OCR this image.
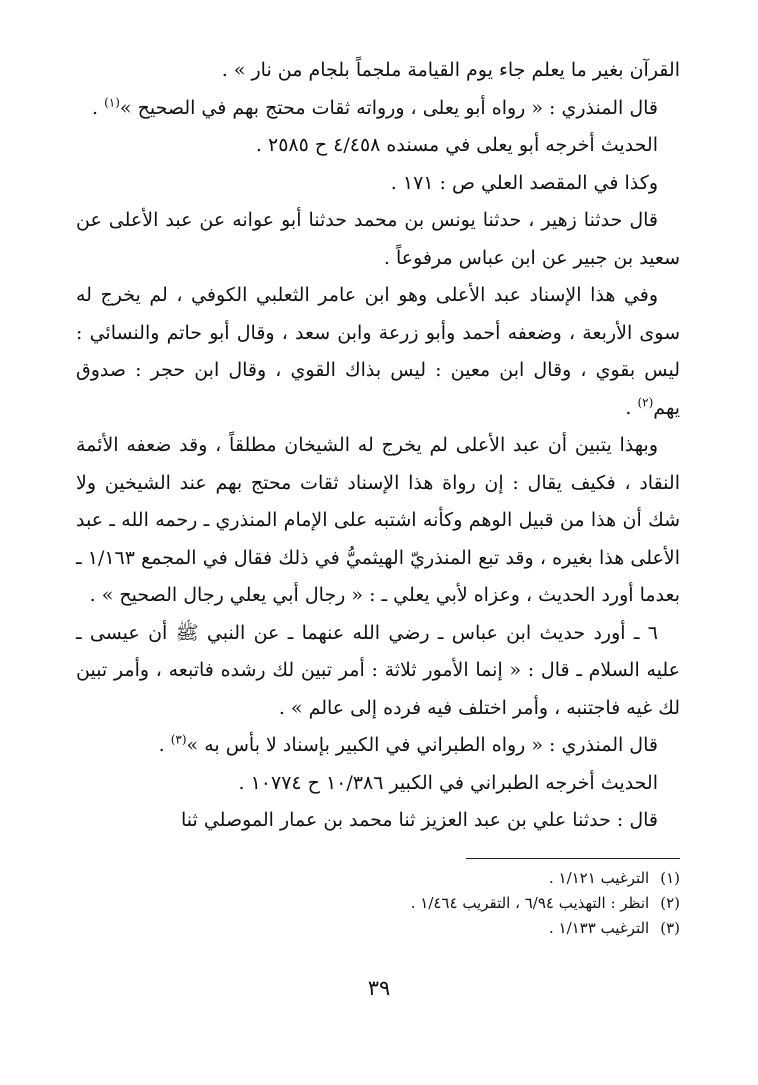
القرآن بغير ما يعلم جاء يوم القيامة ملجماً بلجام من نار » .

قال المنذري : « رواه أبو يعلى ، ورواته ثقات محتج بهم في الصحيح »$^{(١)}$ .

الحديث أخرجه أبو يعلى في مسنده ٤/٤٥٨ ح ٢٥٨٥ .

وكذا في المقصد العلي ص : ١٧١ .

قال حدثنا زهير ، حدثنا يونس بن محمد حدثنا أبو عوانه عن عبد الأعلى عن سعيد بن جبير عن ابن عباس مرفوعاً .

وفي هذا الإسناد عبد الأعلى وهو ابن عامر الثعلبي الكوفي ، لم يخرج له سوى الأربعة ، وضعفه أحمد وأبو زرعة وابن سعد ، وقال أبو حاتم والنسائي : ليس بقوي ، وقال ابن معين : ليس بذاك القوي ، وقال ابن حجر : صدوق يهم$^{(٢)}$ .

وبهذا يتبين أن عبد الأعلى لم يخرج له الشيخان مطلقاً ، وقد ضعفه الأئمة النقاد ، فكيف يقال : إن رواة هذا الإسناد ثقات محتج بهم عند الشيخين ولا شك أن هذا من قبيل الوهم وكأنه اشتبه على الإمام المنذري ـ رحمه الله ـ عبد الأعلى هذا بغيره ، وقد تبع المنذريّ الهيثميُّ في ذلك فقال في المجمع ١/١٦٣ ـ بعدما أورد الحديث ، وعزاه لأبي يعلي ـ : « رجال أبي يعلي رجال الصحيح » .

٦ ـ أورد حديث ابن عباس ـ رضي الله عنهما ـ عن النبي ﷺ أن عيسى ـ عليه السلام ـ قال : « إنما الأمور ثلاثة : أمر تبين لك رشده فاتبعه ، وأمر تبين لك غيه فاجتنبه ، وأمر اختلف فيه فرده إلى عالم » .

قال المنذري : « رواه الطبراني في الكبير بإسناد لا بأس به »$^{(٣)}$ .

الحديث أخرجه الطبراني في الكبير ١٠/٣٨٦ ح ١٠٧٧٤ .

قال : حدثنا علي بن عبد العزيز ثنا محمد بن عمار الموصلي ثنا

(١) الترغيب ١/١٢١ .

(٢) انظر : التهذيب ٦/٩٤ ، التقريب ١/٤٦٤ .

(٣) الترغيب ١/١٣٣ .

٣٩
